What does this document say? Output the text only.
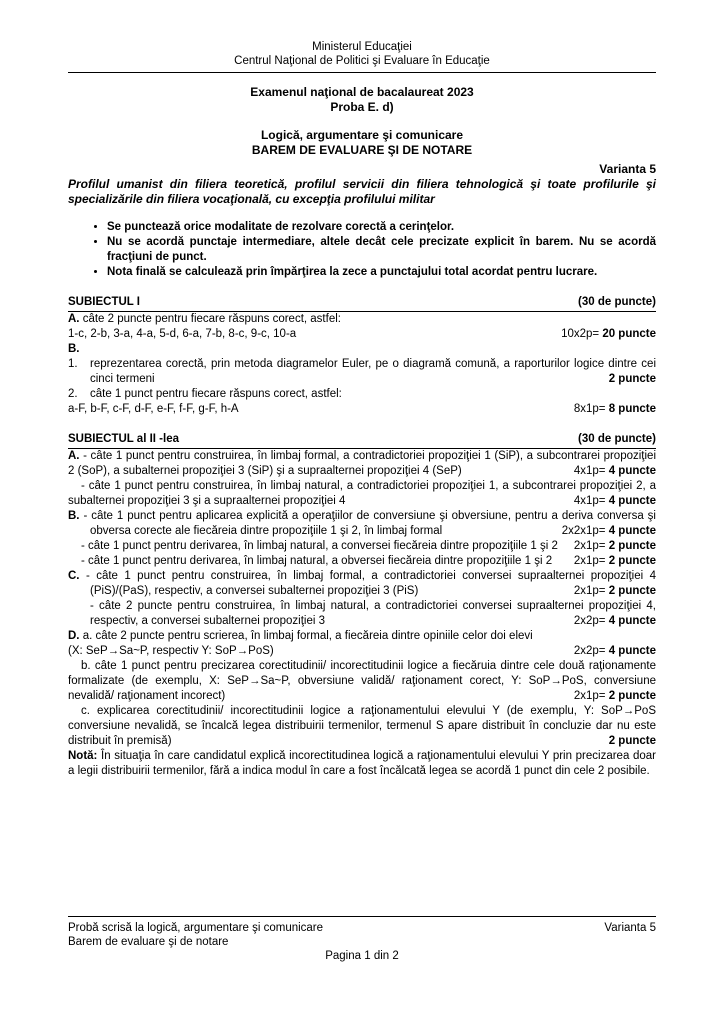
Ministerul Educaţiei
Centrul Naţional de Politici şi Evaluare în Educaţie
Examenul naţional de bacalaureat 2023
Proba E. d)
Logică, argumentare şi comunicare
BAREM DE EVALUARE ŞI DE NOTARE
Varianta 5
Profilul umanist din filiera teoretică, profilul servicii din filiera tehnologică şi toate profilurile şi specializările din filiera vocaţională, cu excepţia profilului militar
• Se punctează orice modalitate de rezolvare corectă a cerinţelor.
• Nu se acordă punctaje intermediare, altele decât cele precizate explicit în barem. Nu se acordă fracţiuni de punct.
• Nota finală se calculează prin împărţirea la zece a punctajului total acordat pentru lucrare.
SUBIECTUL I	(30 de puncte)

A. câte 2 puncte pentru fiecare răspuns corect, astfel:

1-c, 2-b, 3-a, 4-a, 5-d, 6-a, 7-b, 8-c, 9-c, 10-a	10x2p= 20 puncte

B.

1. reprezentarea corectă, prin metoda diagramelor Euler, pe o diagramă comună, a raporturilor logice dintre cei cinci termeni	2 puncte

2. câte 1 punct pentru fiecare răspuns corect, astfel:

a-F, b-F, c-F, d-F, e-F, f-F, g-F, h-A	8x1p= 8 puncte

SUBIECTUL al II -lea	(30 de puncte)

A. - câte 1 punct pentru construirea, în limbaj formal, a contradictoriei propoziţiei 1 (SiP), a subcontrarei propoziţiei 2 (SoP), a subalternei propoziţiei 3 (SiP) şi a supraalternei propoziţiei 4 (SeP)	4x1p= 4 puncte

- câte 1 punct pentru construirea, în limbaj natural, a contradictoriei propoziţiei 1, a subcontrarei propoziţiei 2, a subalternei propoziţiei 3 şi a supraalternei propoziţiei 4	4x1p= 4 puncte

B. - câte 1 punct pentru aplicarea explicită a operaţiilor de conversiune şi obversiune, pentru a deriva conversa şi obversa corecte ale fiecăreia dintre propoziţiile 1 şi 2, în limbaj formal	2x2x1p= 4 puncte

- câte 1 punct pentru derivarea, în limbaj natural, a conversei fiecăreia dintre propoziţiile 1 şi 2 2x1p= 2 puncte

- câte 1 punct pentru derivarea, în limbaj natural, a obversei fiecăreia dintre propoziţiile 1 şi 2 2x1p= 2 puncte

C. - câte 1 punct pentru construirea, în limbaj formal, a contradictoriei conversei supraalternei propoziţiei 4 (PiS)/(PaS), respectiv, a conversei subalternei propoziţiei 3 (PiS)	2x1p= 2 puncte

- câte 2 puncte pentru construirea, în limbaj natural, a contradictoriei conversei supraalternei propoziţiei 4, respectiv, a conversei subalternei propoziţiei 3	2x2p= 4 puncte

D. a. câte 2 puncte pentru scrierea, în limbaj formal, a fiecăreia dintre opiniile celor doi elevi
(X: SeP→Sa~P, respectiv Y: SoP→PoS)	2x2p= 4 puncte

b. câte 1 punct pentru precizarea corectitudinii/ incorectitudinii logice a fiecăruia dintre cele două raţionamente formalizate (de exemplu, X: SeP→Sa~P, obversiune validă/ raţionament corect, Y: SoP→PoS, conversiune nevalidă/ raţionament incorect)	2x1p= 2 puncte

c. explicarea corectitudinii/ incorectitudinii logice a raţionamentului elevului Y (de exemplu, Y: SoP→PoS conversiune nevalidă, se încalcă legea distribuirii termenilor, termenul S apare distribuit în concluzie dar nu este distribuit în premisă)	2 puncte

Notă: În situaţia în care candidatul explică incorectitudinea logică a raţionamentului elevului Y prin precizarea doar a legii distribuirii termenilor, fără a indica modul în care a fost încălcată legea se acordă 1 punct din cele 2 posibile.

Probă scrisă la logică, argumentare şi comunicare
Barem de evaluare şi de notare
Varianta 5
Pagina 1 din 2
